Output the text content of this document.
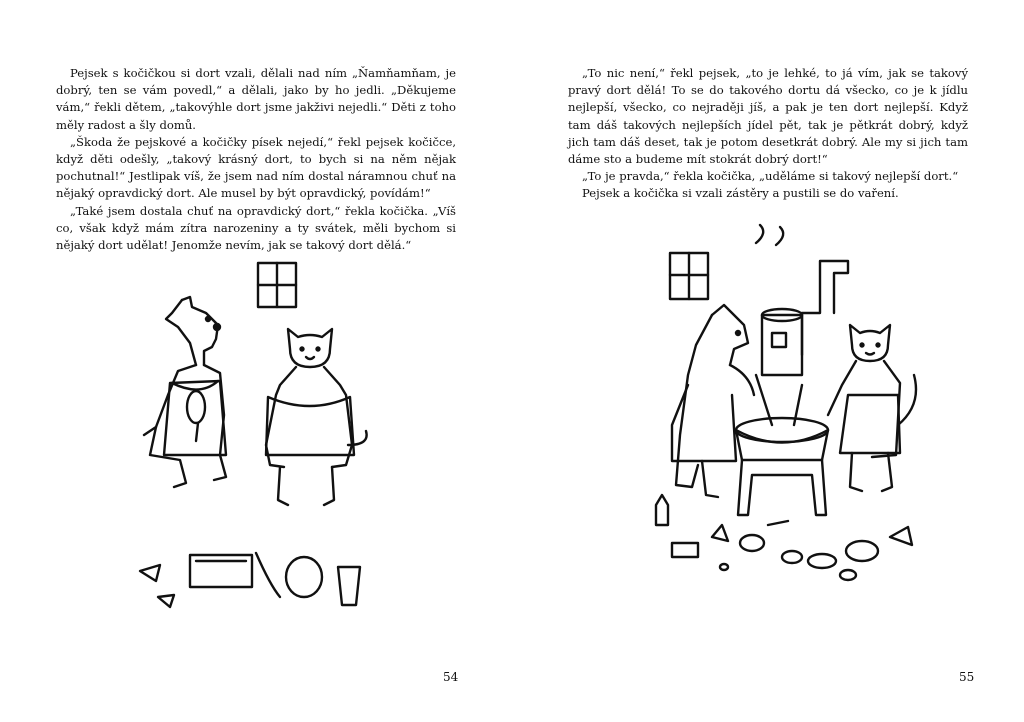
Pejsek s kočičkou si dort vzali, dělali nad ním „Ňamňamňam, je dobrý, ten se vám povedl,“ a dělali, jako by ho jedli. „Děkujeme vám,“ řekli dětem, „takovýhle dort jsme jakživi nejedli.“ Děti z toho měly radost a šly domů.

„Škoda že pejskové a kočičky písek nejedí,“ řekl pejsek kočičce, když děti odešly, „takový krásný dort, to bych si na něm nějak pochutnal!“ Jestlipak víš, že jsem nad ním dostal náramnou chuť na nějaký opravdický dort. Ale musel by být opravdický, povídám!“

„Také jsem dostala chuť na opravdický dort,“ řekla kočička. „Víš co, však když mám zítra narozeniny a ty svátek, měli bychom si nějaký dort udělat! Jenomže nevím, jak se takový dort dělá.“

54

„To nic není,“ řekl pejsek, „to je lehké, to já vím, jak se takový pravý dort dělá! To se do takového dortu dá všecko, co je k jídlu nejlepší, všecko, co nejraději jíš, a pak je ten dort nejlepší. Když tam dáš takových nejlepších jídel pět, tak je pětkrát dobrý, když jich tam dáš deset, tak je potom desetkrát dobrý. Ale my si jich tam dáme sto a budeme mít stokrát dobrý dort!“

„To je pravda,“ řekla kočička, „uděláme si takový nejlepší dort.“

Pejsek a kočička si vzali zástěry a pustili se do vaření.

55
